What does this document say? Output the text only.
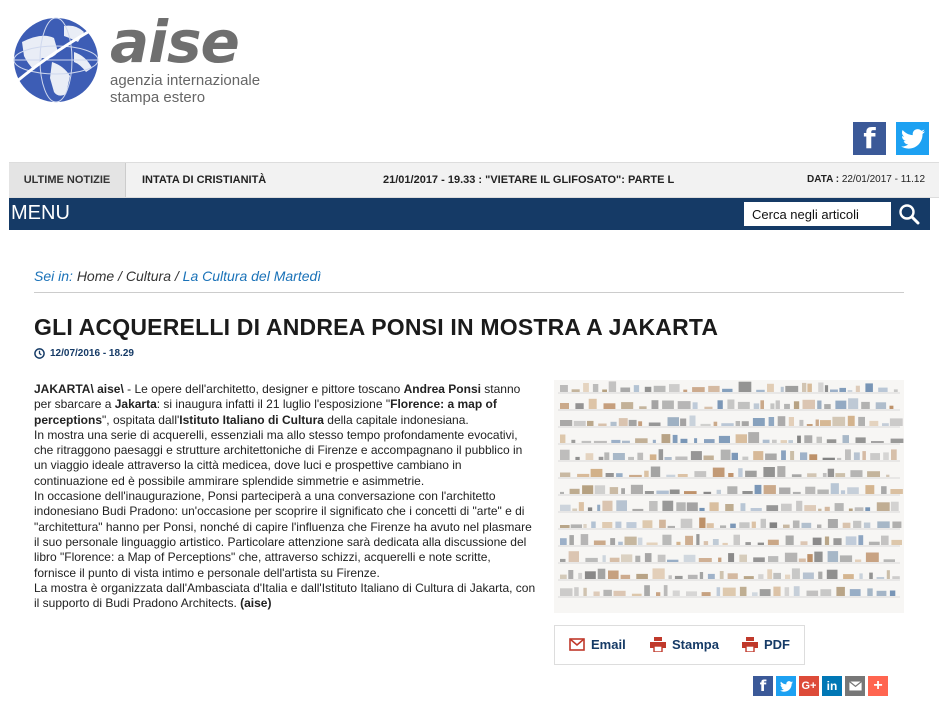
aise
agenzia internazionale
stampa estero
f
ULTIME NOTIZIE	INTATA DI CRISTIANITÀ	21/01/2017 - 19.33 : "VIETARE IL GLIFOSATO": PARTE L	DATA : 22/01/2017 - 11.12
MENU
Cerca negli articoli
Sei in: Home / Cultura / La Cultura del Martedì
GLI ACQUERELLI DI ANDREA PONSI IN MOSTRA A JAKARTA
12/07/2016 - 18.29

JAKARTA\ aise\ - Le opere dell'architetto, designer e pittore toscano Andrea Ponsi stanno per sbarcare a Jakarta: si inaugura infatti il 21 luglio l'esposizione "Florence: a map of perceptions", ospitata dall'Istituto Italiano di Cultura della capitale indonesiana.

In mostra una serie di acquerelli, essenziali ma allo stesso tempo profondamente evocativi, che ritraggono paesaggi e strutture architettoniche di Firenze e accompagnano il pubblico in un viaggio ideale attraverso la città medicea, dove luci e prospettive cambiano in continuazione ed è possibile ammirare splendide simmetrie e asimmetrie.

In occasione dell'inaugurazione, Ponsi parteciperà a una conversazione con l'architetto indonesiano Budi Pradono: un'occasione per scoprire il significato che i concetti di "arte" e di "architettura" hanno per Ponsi, nonché di capire l'influenza che Firenze ha avuto nel plasmare il suo personale linguaggio artistico. Particolare attenzione sarà dedicata alla discussione del libro "Florence: a Map of Perceptions" che, attraverso schizzi, acquerelli e note scritte, fornisce il punto di vista intimo e personale dell'artista su Firenze.

La mostra è organizzata dall'Ambasciata d'Italia e dall'Istituto Italiano di Cultura di Jakarta, con il supporto di Budi Pradono Architects. (aise)

Email	Stampa	PDF
f	G+ in	+
